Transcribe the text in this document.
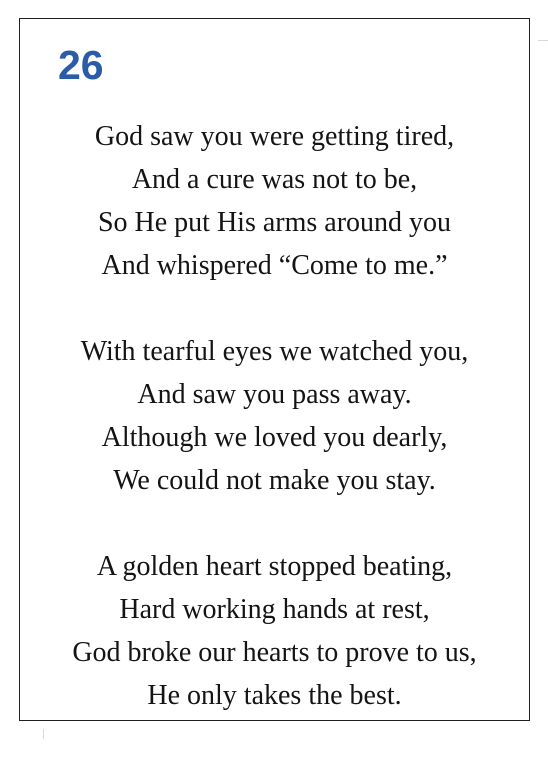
26
God saw you were getting tired,
And a cure was not to be,
So He put His arms around you
And whispered “Come to me.”
With tearful eyes we watched you,
And saw you pass away.
Although we loved you dearly,
We could not make you stay.
A golden heart stopped beating,
Hard working hands at rest,
God broke our hearts to prove to us,
He only takes the best.
